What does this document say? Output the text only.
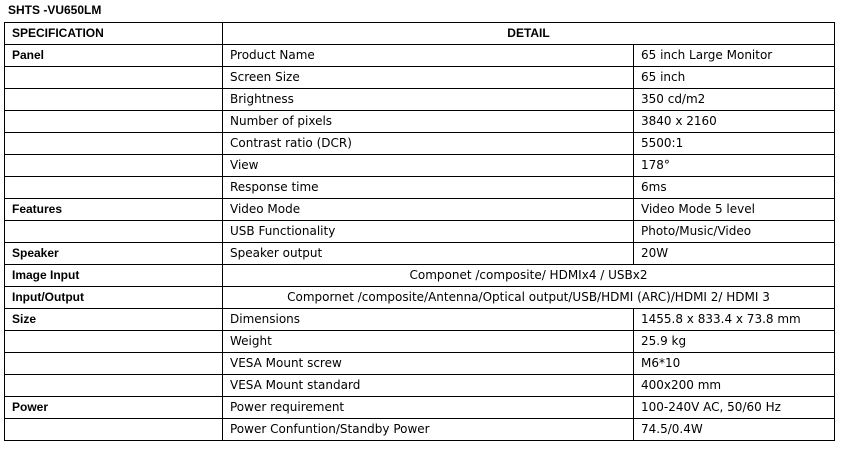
SHTS -VU650LM
SPECIFICATION	DETAIL	
Panel	Product Name	65 inch Large Monitor
	Screen Size	65 inch
	Brightness	350 cd/m2
	Number of pixels	3840 x 2160
	Contrast ratio (DCR)	5500:1
	View	178°
	Response time	6ms
Features	Video Mode	Video Mode 5 level
	USB Functionality	Photo/Music/Video
Speaker	Speaker output	20W
Image Input	Componet /composite/ HDMIx4 / USBx2	
Input/Output	Compornet /composite/Antenna/Optical output/USB/HDMI (ARC)/HDMI 2/ HDMI 3	
Size	Dimensions	1455.8 x 833.4 x 73.8 mm
	Weight	25.9 kg
	VESA Mount screw	M6*10
	VESA Mount standard	400x200 mm
Power	Power requirement	100-240V AC, 50/60 Hz
	Power Confuntion/Standby Power	74.5/0.4W
